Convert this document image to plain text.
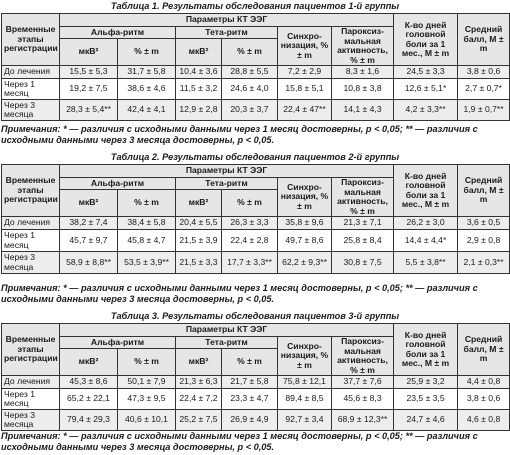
Таблица 1. Результаты обследования пациентов 1-й группы
Временные этапы регистрации	Параметры КТ ЭЭГ						К-во дней головной боли за 1 мес., M ± m	Средний балл, M ± m
	Альфа-ритм		Тета-ритм		Синхро-низация, % ± m	Пароксиз-мальная активность, % ± m		
	мкВ²	% ± m	мкВ²	% ± m				
До лечения	15,5 ± 5,3	31,7 ± 5,8	10,4 ± 3,6	28,8 ± 5,5	7,2 ± 2,9	8,3 ± 1,6	24,5 ± 3,3	3,8 ± 0,6
Через 1 месяц	19,2 ± 7,5	38,6 ± 4,6	11,5 ± 3,2	24,6 ± 4,0	15,8 ± 5,1	10,8 ± 3,8	12,6 ± 5,1*	2,7 ± 0,7*
Через 3 месяца	28,3 ± 5,4**	42,4 ± 4,1	12,9 ± 2,8	20,3 ± 3,7	22,4 ± 47**	14,1 ± 4,3	4,2 ± 3,3**	1,9 ± 0,7**
Примечания: * — различия с исходными данными через 1 месяц достоверны, p < 0,05; ** — различия с исходными данными через 3 месяца достоверны, p < 0,05.
Таблица 2. Результаты обследования пациентов 2-й группы
Временные этапы регистрации	Параметры КТ ЭЭГ						К-во дней головной боли за 1 мес., M ± m	Средний балл, M ± m
	Альфа-ритм		Тета-ритм		Синхро-низация, % ± m	Пароксиз-мальная активность, % ± m		
	мкВ²	% ± m	мкВ²	% ± m				
До лечения	38,2 ± 7,4	38,4 ± 5,8	20,4 ± 5,5	26,3 ± 3,3	35,8 ± 9,6	21,3 ± 7,1	26,2 ± 3,0	3,6 ± 0,5
Через 1 месяц	45,7 ± 9,7	45,8 ± 4,7	21,5 ± 3,9	22,4 ± 2,8	49,7 ± 8,6	25,8 ± 8,4	14,4 ± 4,4*	2,9 ± 0,8
Через 3 месяца	58,9 ± 8,8**	53,5 ± 3,9**	21,5 ± 3,3	17,7 ± 3,3**	62,2 ± 9,3**	30,8 ± 7,5	5,5 ± 3,8**	2,1 ± 0,3**
Примечания: * — различия с исходными данными через 1 месяц достоверны, p < 0,05; ** — различия с исходными данными через 3 месяца достоверны, p < 0,05.
Таблица 3. Результаты обследования пациентов 3-й группы
Временные этапы регистрации	Параметры КТ ЭЭГ						К-во дней головной боли за 1 мес., M ± m	Средний балл, M ± m
	Альфа-ритм		Тета-ритм		Синхро-низация, % ± m	Пароксиз-мальная активность, % ± m		
	мкВ²	% ± m	мкВ²	% ± m				
До лечения	45,3 ± 8,6	50,1 ± 7,9	21,3 ± 6,3	21,7 ± 5,8	75,8 ± 12,1	37,7 ± 7,6	25,9 ± 3,2	4,4 ± 0,8
Через 1 месяц	65,2 ± 22,1	47,3 ± 9,5	22,4 ± 7,2	23,3 ± 4,7	89,4 ± 8,5	45,6 ± 8,3	23,5 ± 3,5	3,8 ± 0,6
Через 3 месяца	79,4 ± 29,3	40,6 ± 10,1	25,2 ± 7,5	26,9 ± 4,9	92,7 ± 3,4	68,9 ± 12,3**	24,7 ± 4,6	4,6 ± 0,8
Примечания: * — различия с исходными данными через 1 месяц достоверны, p < 0,05; ** — различия с исходными данными через 3 месяца достоверны, p < 0,05.
